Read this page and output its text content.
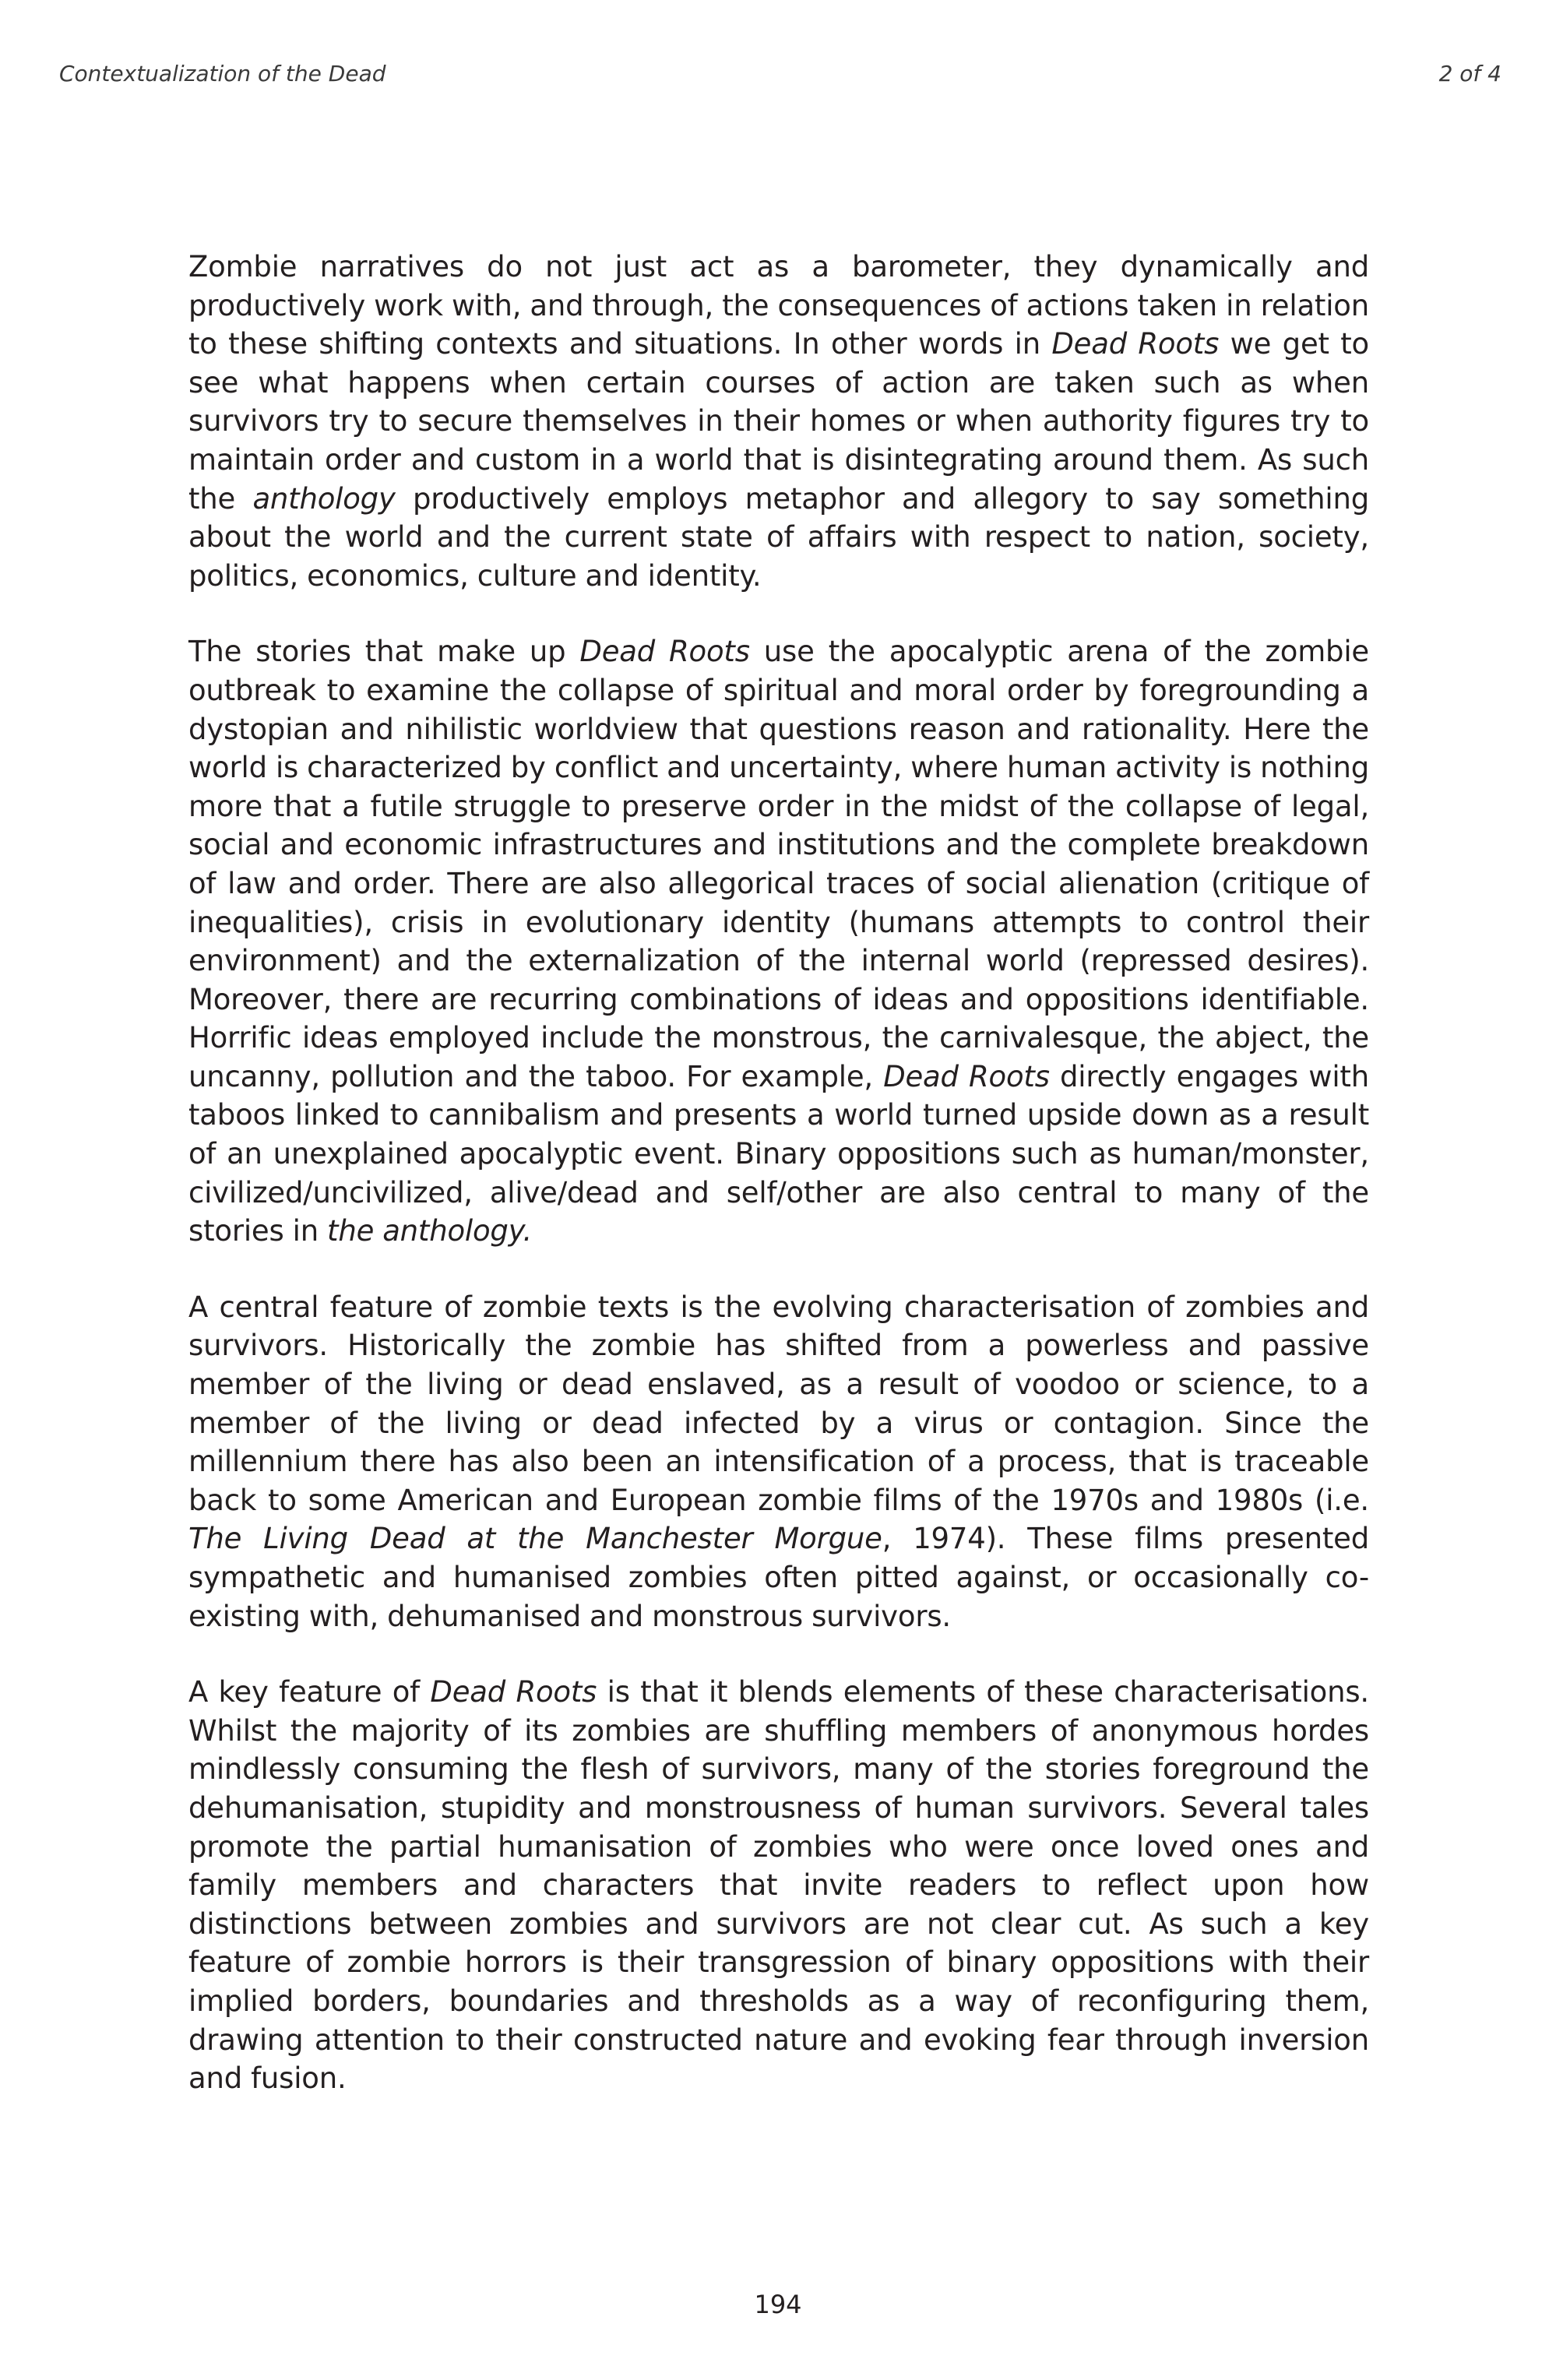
Contextualization of the Dead	2 of 4

Zombie narratives do not just act as a barometer, they dynamically and productively work with, and through, the consequences of actions taken in relation to these shifting contexts and situations. In other words in Dead Roots we get to see what happens when certain courses of action are taken such as when survivors try to secure themselves in their homes or when authority figures try to maintain order and custom in a world that is disintegrating around them. As such the anthology productively employs metaphor and allegory to say something about the world and the current state of affairs with respect to nation, society, politics, economics, culture and identity.

The stories that make up Dead Roots use the apocalyptic arena of the zombie outbreak to examine the collapse of spiritual and moral order by foregrounding a dystopian and nihilistic worldview that questions reason and rationality. Here the world is characterized by conflict and uncertainty, where human activity is nothing more that a futile struggle to preserve order in the midst of the collapse of legal, social and economic infrastructures and institutions and the complete breakdown of law and order. There are also allegorical traces of social alienation (critique of inequalities), crisis in evolutionary identity (humans attempts to control their environment) and the externalization of the internal world (repressed desires). Moreover, there are recurring combinations of ideas and oppositions identifiable. Horrific ideas employed include the monstrous, the carnivalesque, the abject, the uncanny, pollution and the taboo. For example, Dead Roots directly engages with taboos linked to cannibalism and presents a world turned upside down as a result of an unexplained apocalyptic event. Binary oppositions such as human/monster, civilized/uncivilized, alive/dead and self/other are also central to many of the stories in the anthology.

A central feature of zombie texts is the evolving characterisation of zombies and survivors. Historically the zombie has shifted from a powerless and passive member of the living or dead enslaved, as a result of voodoo or science, to a member of the living or dead infected by a virus or contagion. Since the millennium there has also been an intensification of a process, that is traceable back to some American and European zombie films of the 1970s and 1980s (i.e. The Living Dead at the Manchester Morgue, 1974). These films presented sympathetic and humanised zombies often pitted against, or occasionally co-existing with, dehumanised and monstrous survivors.

A key feature of Dead Roots is that it blends elements of these characterisations. Whilst the majority of its zombies are shuffling members of anonymous hordes mindlessly consuming the flesh of survivors, many of the stories foreground the dehumanisation, stupidity and monstrousness of human survivors. Several tales promote the partial humanisation of zombies who were once loved ones and family members and characters that invite readers to reflect upon how distinctions between zombies and survivors are not clear cut. As such a key feature of zombie horrors is their transgression of binary oppositions with their implied borders, boundaries and thresholds as a way of reconfiguring them, drawing attention to their constructed nature and evoking fear through inversion and fusion.

194
